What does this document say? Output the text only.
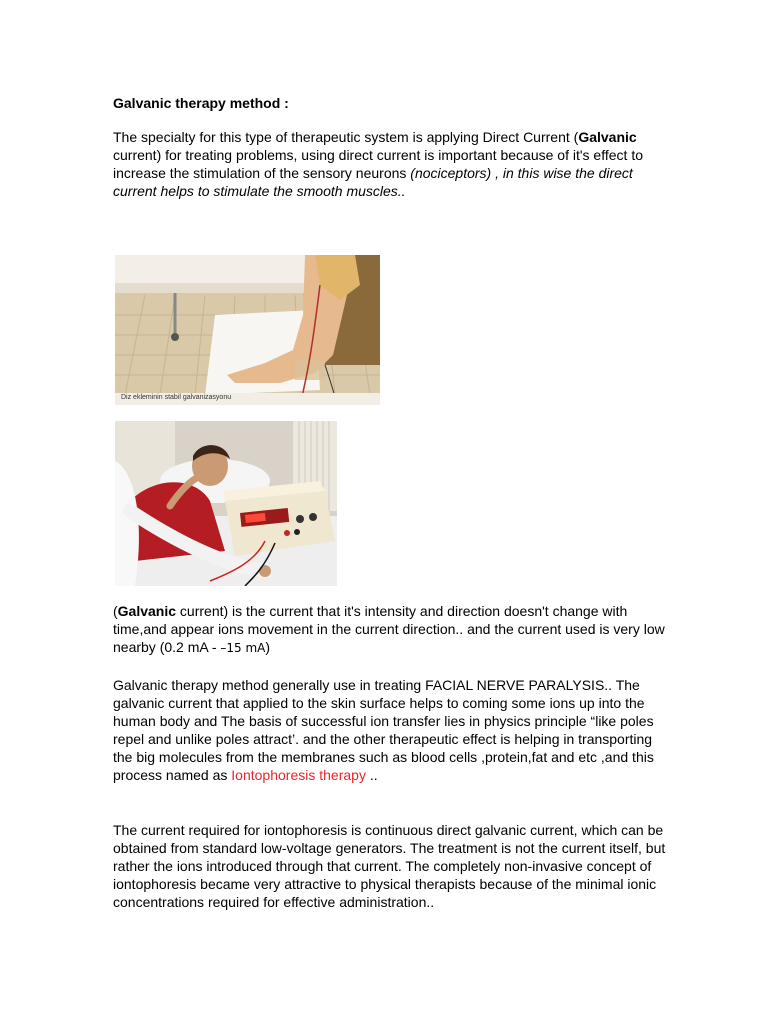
Galvanic therapy method :

The specialty for this type of therapeutic system is applying Direct Current (Galvanic current) for treating problems, using direct current is important because of it's effect to increase the stimulation of the sensory neurons (nociceptors) , in this wise the direct current helps to stimulate the smooth muscles..

Diz ekleminin stabil galvanizasyonu

(Galvanic current) is the current that it's intensity and direction doesn't change with time,and appear ions movement in the current direction.. and the current used is very low nearby (0.2 mA - –15 mA)

Galvanic therapy method generally use in treating FACIAL NERVE PARALYSIS.. The galvanic current that applied to the skin surface helps to coming some ions up into the human body and The basis of successful ion transfer lies in physics principle “like poles repel and unlike poles attract’. and the other therapeutic effect is helping in transporting the big molecules from the membranes such as blood cells ,protein,fat and etc ,and this process named as Iontophoresis therapy ..

The current required for iontophoresis is continuous direct galvanic current, which can be obtained from standard low-voltage generators. The treatment is not the current itself, but rather the ions introduced through that current. The completely non-invasive concept of iontophoresis became very attractive to physical therapists because of the minimal ionic concentrations required for effective administration..
